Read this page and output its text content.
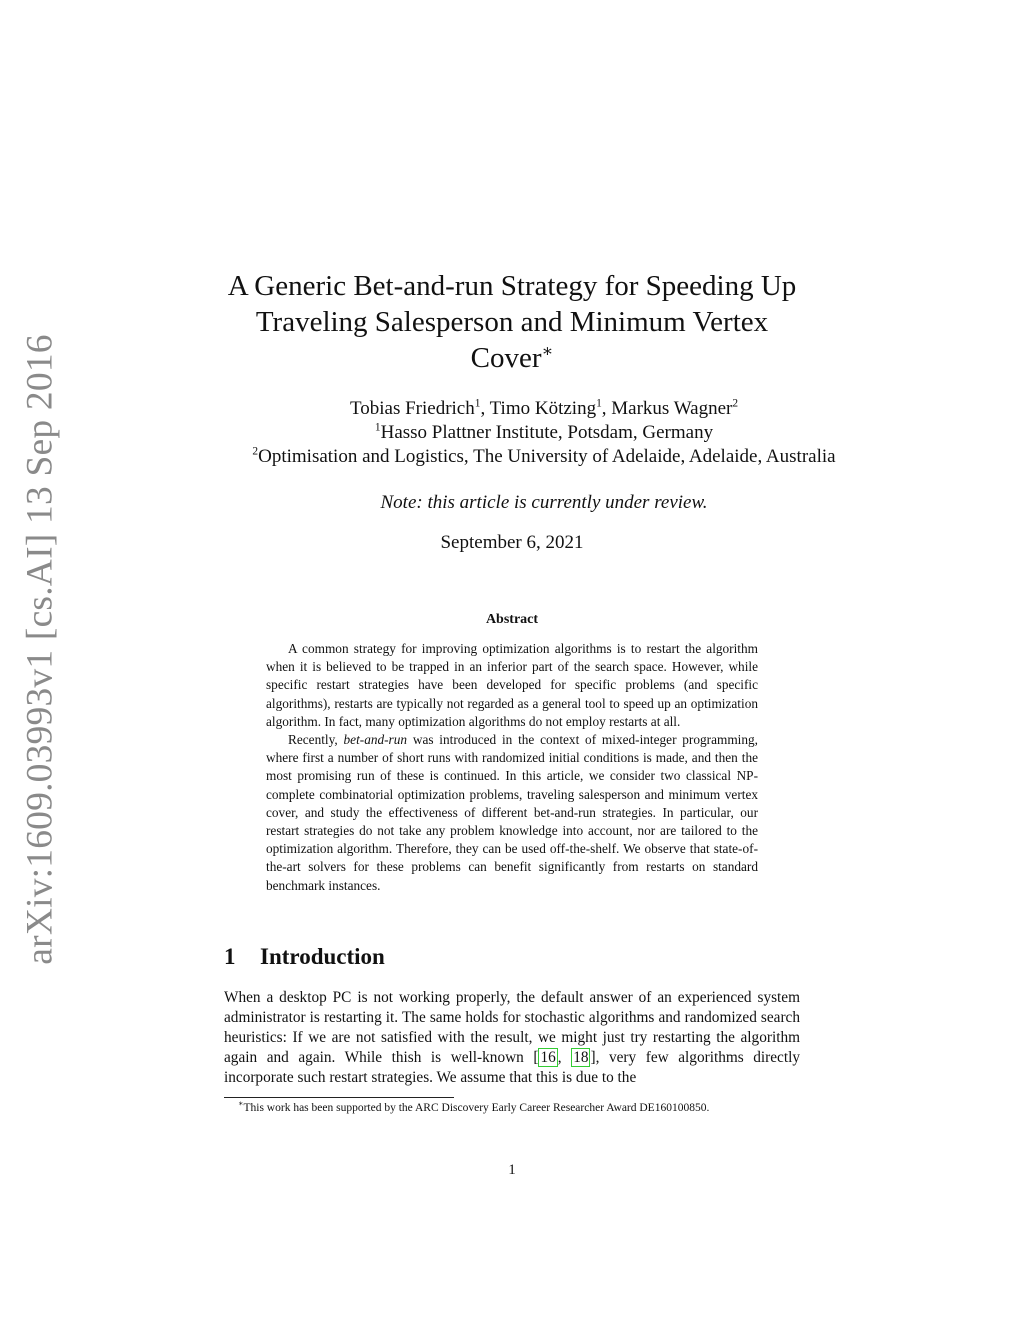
arXiv:1609.03993v1 [cs.AI] 13 Sep 2016
A Generic Bet-and-run Strategy for Speeding Up
Traveling Salesperson and Minimum Vertex
Cover∗
Tobias Friedrich$^1$, Timo Kötzing$^1$, Markus Wagner$^2$
$^1$Hasso Plattner Institute, Potsdam, Germany
$^2$Optimisation and Logistics, The University of Adelaide, Adelaide, Australia
Note: this article is currently under review.
September 6, 2021
Abstract

A common strategy for improving optimization algorithms is to restart the algorithm when it is believed to be trapped in an inferior part of the search space. However, while specific restart strategies have been developed for specific problems (and specific algorithms), restarts are typically not regarded as a general tool to speed up an optimization algorithm. In fact, many optimization algorithms do not employ restarts at all.

Recently, bet-and-run was introduced in the context of mixed-integer programming, where first a number of short runs with randomized initial conditions is made, and then the most promising run of these is continued. In this article, we consider two classical NP-complete combinatorial optimization problems, traveling salesperson and minimum vertex cover, and study the effectiveness of different bet-and-run strategies. In particular, our restart strategies do not take any problem knowledge into account, nor are tailored to the optimization algorithm. Therefore, they can be used off-the-shelf. We observe that state-of-the-art solvers for these problems can benefit significantly from restarts on standard benchmark instances.

1 Introduction

When a desktop PC is not working properly, the default answer of an experienced system administrator is restarting it. The same holds for stochastic algorithms and randomized search heuristics: If we are not satisfied with the result, we might just try restarting the algorithm again and again. While thish is well-known [ 16 , 18 ], very few algorithms directly incorporate such restart strategies. We assume that this is due to the

∗This work has been supported by the ARC Discovery Early Career Researcher Award DE160100850.
1
